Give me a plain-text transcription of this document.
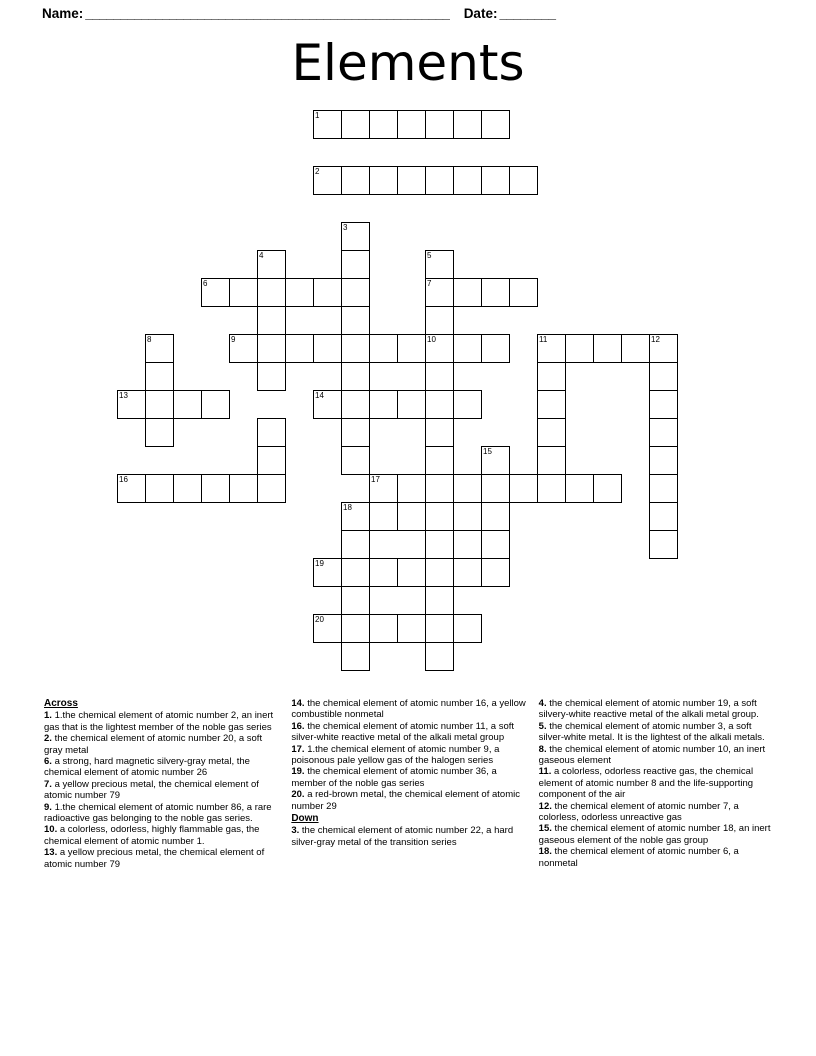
Name: ____________________________________________________ Date: ________
Elements
1
2
3
4	5
6	7
8	9	10	11	12
13	14
15
16	17
18
19
20
Across
1. 1.the chemical element of atomic number 2, an inert gas that is the lightest member of the noble gas series
2. the chemical element of atomic number 20, a soft gray metal
6. a strong, hard magnetic silvery-gray metal, the chemical element of atomic number 26
7. a yellow precious metal, the chemical element of atomic number 79
9. 1.the chemical element of atomic number 86, a rare radioactive gas belonging to the noble gas series.
10. a colorless, odorless, highly flammable gas, the chemical element of atomic number 1.
13. a yellow precious metal, the chemical element of atomic number 79
14. the chemical element of atomic number 16, a yellow combustible nonmetal
16. the chemical element of atomic number 11, a soft silver-white reactive metal of the alkali metal group
17. 1.the chemical element of atomic number 9, a poisonous pale yellow gas of the halogen series
19. the chemical element of atomic number 36, a member of the noble gas series
20. a red-brown metal, the chemical element of atomic number 29
Down
3. the chemical element of atomic number 22, a hard silver-gray metal of the transition series
4. the chemical element of atomic number 19, a soft silvery-white reactive metal of the alkali metal group.
5. the chemical element of atomic number 3, a soft silver-white metal. It is the lightest of the alkali metals.
8. the chemical element of atomic number 10, an inert gaseous element
11. a colorless, odorless reactive gas, the chemical element of atomic number 8 and the life-supporting component of the air
12. the chemical element of atomic number 7, a colorless, odorless unreactive gas
15. the chemical element of atomic number 18, an inert gaseous element of the noble gas group
18. the chemical element of atomic number 6, a nonmetal
